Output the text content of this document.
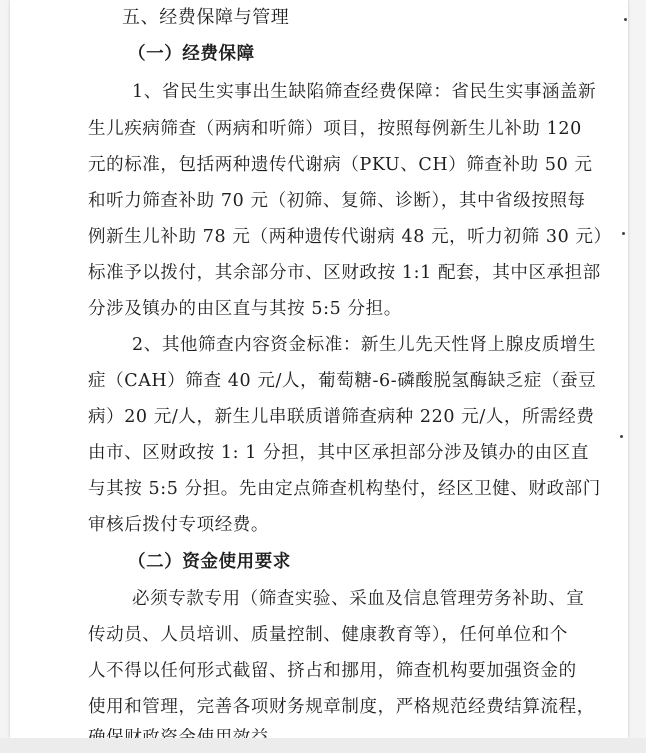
五、经费保障与管理
（一）经费保障
1、省民生实事出生缺陷筛查经费保障：省民生实事涵盖新
生儿疾病筛查（两病和听筛）项目，按照每例新生儿补助 120
元的标准，包括两种遗传代谢病（PKU、CH）筛查补助 50 元
和听力筛查补助 70 元（初筛、复筛、诊断），其中省级按照每
例新生儿补助 78 元（两种遗传代谢病 48 元，听力初筛 30 元）
标准予以拨付，其余部分市、区财政按 1:1 配套，其中区承担部
分涉及镇办的由区直与其按 5:5 分担。
2、其他筛查内容资金标准：新生儿先天性肾上腺皮质增生
症（CAH）筛查 40 元/人，葡萄糖-6-磷酸脱氢酶缺乏症（蚕豆
病）20 元/人，新生儿串联质谱筛查病种 220 元/人，所需经费
由市、区财政按 1: 1 分担，其中区承担部分涉及镇办的由区直
与其按 5:5 分担。先由定点筛查机构垫付，经区卫健、财政部门
审核后拨付专项经费。
（二）资金使用要求
必须专款专用（筛查实验、采血及信息管理劳务补助、宣
传动员、人员培训、质量控制、健康教育等），任何单位和个
人不得以任何形式截留、挤占和挪用，筛查机构要加强资金的
使用和管理，完善各项财务规章制度，严格规范经费结算流程，
